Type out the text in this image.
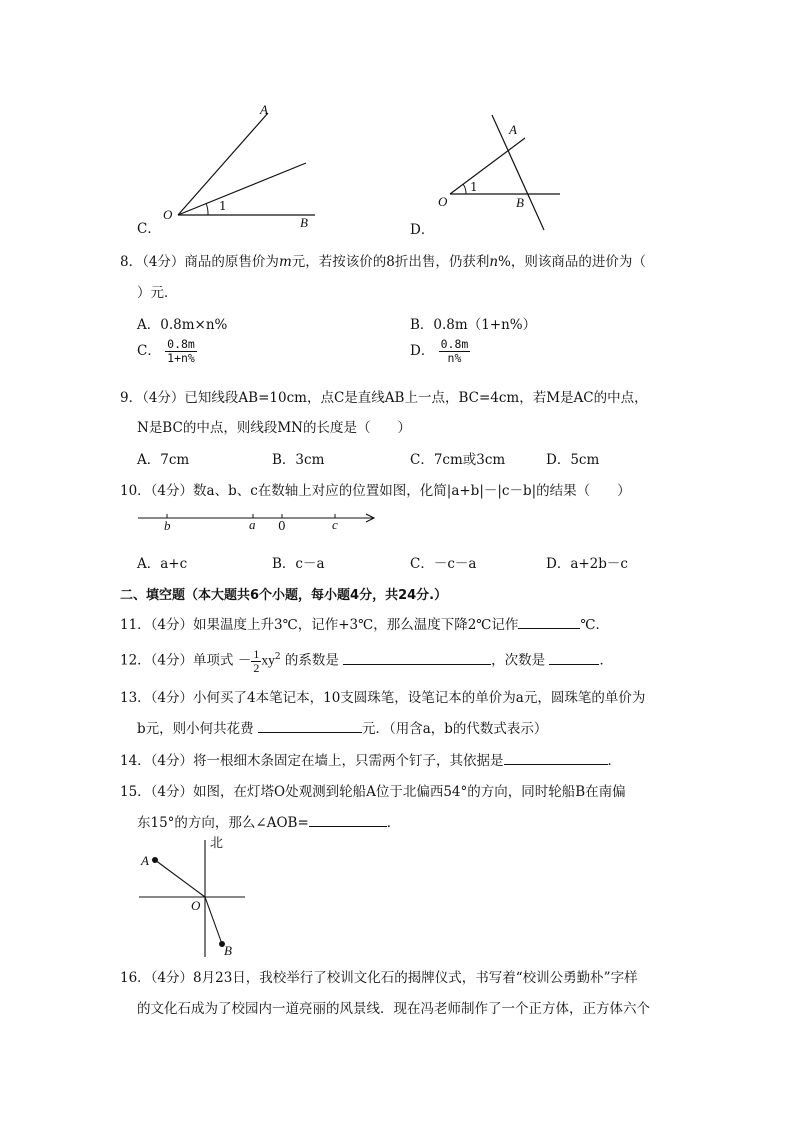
C．
A
O
B
1
D．
A
O	B
1
8．（4分）商品的原售价为m元，若按该价的8折出售，仍获利n%，则该商品的进价为（
）元．
A．0.8m×n%	B．0.8m（1+n%）
C． $\frac{0.8m}{1+n\%}$	D． $\frac{0.8m}{n\%}$
9．（4分）已知线段AB=10cm，点C是直线AB上一点，BC=4cm，若M是AC的中点，
N是BC的中点，则线段MN的长度是（　　）
A．7cm	B．3cm	C．7cm或3cm	D．5cm
10．（4分）数a、b、c在数轴上对应的位置如图，化简|a+b|－|c－b|的结果（　　）
b	a 0	c
A．a+c	B．c－a	C．－c－a	D．a+2b－c
二、填空题（本大题共6个小题，每小题4分，共24分.）
11．（4分）如果温度上升3℃，记作+3℃，那么温度下降2℃记作	℃．
12．（4分）单项式 － $\frac{1}{2} xy^2$ 的系数是	，次数是	．
13．（4分）小何买了4本笔记本，10支圆珠笔，设笔记本的单价为a元，圆珠笔的单价为
b元，则小何共花费	元．（用含a，b的代数式表示）
14．（4分）将一根细木条固定在墙上，只需两个钉子，其依据是	．
15．（4分）如图，在灯塔O处观测到轮船A位于北偏西54°的方向，同时轮船B在南偏
东15°的方向，那么∠AOB=	．
北
A
O
B
16．（4分）8月23日，我校举行了校训文化石的揭牌仪式，书写着“校训公勇勤朴”字样
的文化石成为了校园内一道亮丽的风景线．现在冯老师制作了一个正方体，正方体六个
